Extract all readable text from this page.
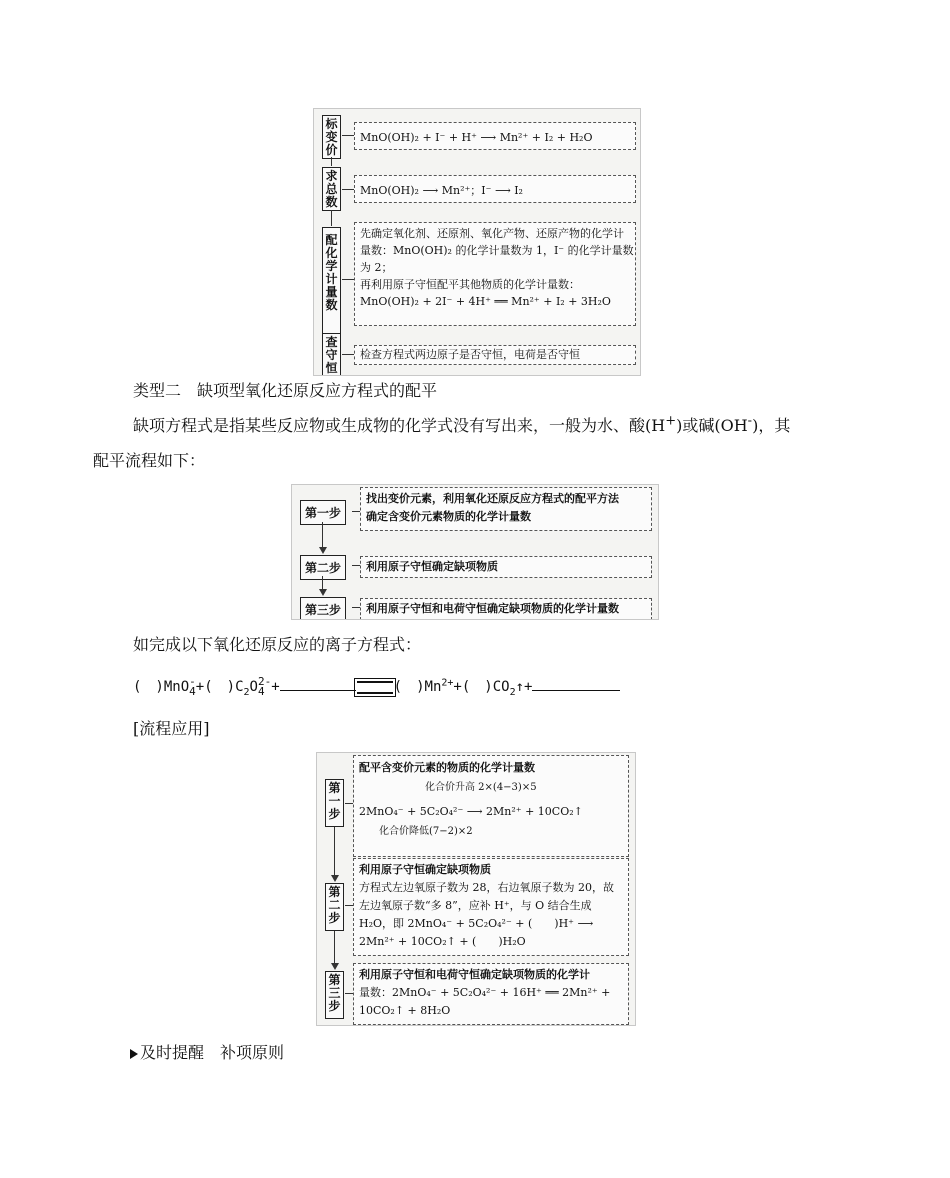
标变价
求总数
配化学计量数
查守恒
MnO(OH)₂ + I⁻ + H⁺ ⟶ Mn²⁺ + I₂ + H₂O
MnO(OH)₂ ⟶ Mn²⁺；I⁻ ⟶ I₂
先确定氧化剂、还原剂、氧化产物、还原产物的化学计
量数：MnO(OH)₂ 的化学计量数为 1，I⁻ 的化学计量数
为 2；
再利用原子守恒配平其他物质的化学计量数：
MnO(OH)₂ + 2I⁻ + 4H⁺ ══ Mn²⁺ + I₂ + 3H₂O
检查方程式两边原子是否守恒，电荷是否守恒
类型二　缺项型氧化还原反应方程式的配平
缺项方程式是指某些反应物或生成物的化学式没有写出来，一般为水、酸(H+)或碱(OH-)，其
配平流程如下：
第一步
第二步
第三步
找出变价元素，利用氧化还原反应方程式的配平方法
确定含变价元素物质的化学计量数
利用原子守恒确定缺项物质
利用原子守恒和电荷守恒确定缺项物质的化学计量数
如完成以下氧化还原反应的离子方程式：
(　)MnO -
4 +(　)$C_2O$ 2-
4 +	(　)$Mn^{2+}+$(　)$CO_2↑+$
[流程应用]
第一步
第二步
第三步
配平含变价元素的物质的化学计量数
化合价升高 2×(4−3)×5
2MnO₄⁻ + 5C₂O₄²⁻ ⟶ 2Mn²⁺ + 10CO₂↑
化合价降低(7−2)×2
利用原子守恒确定缺项物质
方程式左边氧原子数为 28，右边氧原子数为 20，故
左边氧原子数“多 8”，应补 H⁺，与 O 结合生成
H₂O，即 2MnO₄⁻ + 5C₂O₄²⁻ + (　　)H⁺ ⟶
2Mn²⁺ + 10CO₂↑ + (　　)H₂O
利用原子守恒和电荷守恒确定缺项物质的化学计
量数：2MnO₄⁻ + 5C₂O₄²⁻ + 16H⁺ ══ 2Mn²⁺ +
10CO₂↑ + 8H₂O
及时提醒　补项原则
